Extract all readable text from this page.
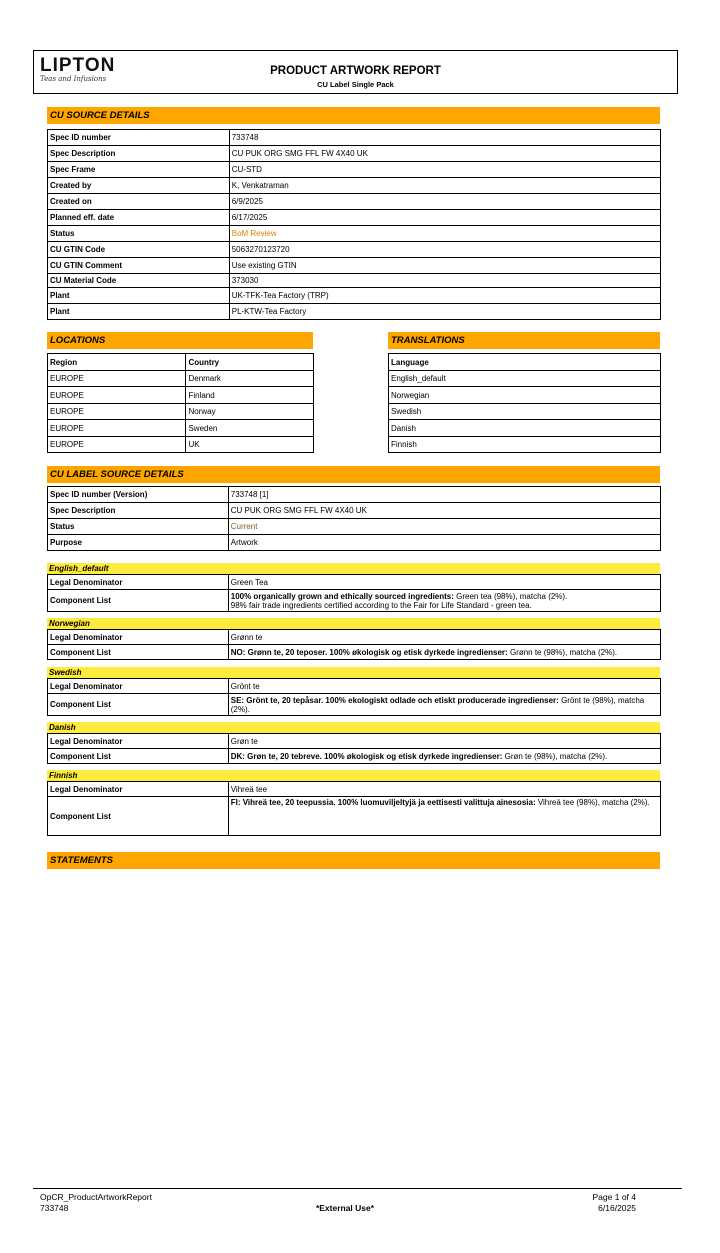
LIPTON
Teas and Infusions
PRODUCT ARTWORK REPORT
CU Label Single Pack
CU SOURCE DETAILS
Spec ID number	733748
Spec Description	CU PUK ORG SMG FFL FW 4X40 UK
Spec Frame	CU-STD
Created by	K, Venkatraman
Created on	6/9/2025
Planned eff. date	6/17/2025
Status	BoM Review
CU GTIN Code	5063270123720
CU GTIN Comment	Use existing GTIN
CU Material Code	373030
Plant	UK-TFK-Tea Factory (TRP)
Plant	PL-KTW-Tea Factory
LOCATIONS
Region	Country
EUROPE	Denmark
EUROPE	Finland
EUROPE	Norway
EUROPE	Sweden
EUROPE	UK
TRANSLATIONS
Language
English_default
Norwegian
Swedish
Danish
Finnish
CU LABEL SOURCE DETAILS
Spec ID number (Version)	733748 [1]
Spec Description	CU PUK ORG SMG FFL FW 4X40 UK
Status	Current
Purpose	Artwork
English_default
Legal Denominator	Green Tea
Component List	100% organically grown and ethically sourced ingredients: Green tea (98%), matcha (2%).
98% fair trade ingredients certified according to the Fair for Life Standard - green tea.
Norwegian
Legal Denominator	Grønn te
Component List	NO: Grønn te, 20 teposer. 100% økologisk og etisk dyrkede ingredienser: Grønn te (98%), matcha (2%).
Swedish
Legal Denominator	Grönt te
Component List	SE: Grönt te, 20 tepåsar. 100% ekologiskt odlade och etiskt producerade ingredienser: Grönt te (98%), matcha (2%).
Danish
Legal Denominator	Grøn te
Component List	DK: Grøn te, 20 tebreve. 100% økologisk og etisk dyrkede ingredienser: Grøn te (98%), matcha (2%).
Finnish
Legal Denominator	Vihreä tee
Component List	FI: Vihreä tee, 20 teepussia. 100% luomuviljeltyjä ja eettisesti valittuja ainesosia: Vihreä tee (98%), matcha (2%).
STATEMENTS
OpCR_ProductArtworkReport
733748	*External Use*
Page 1 of 4
6/16/2025
